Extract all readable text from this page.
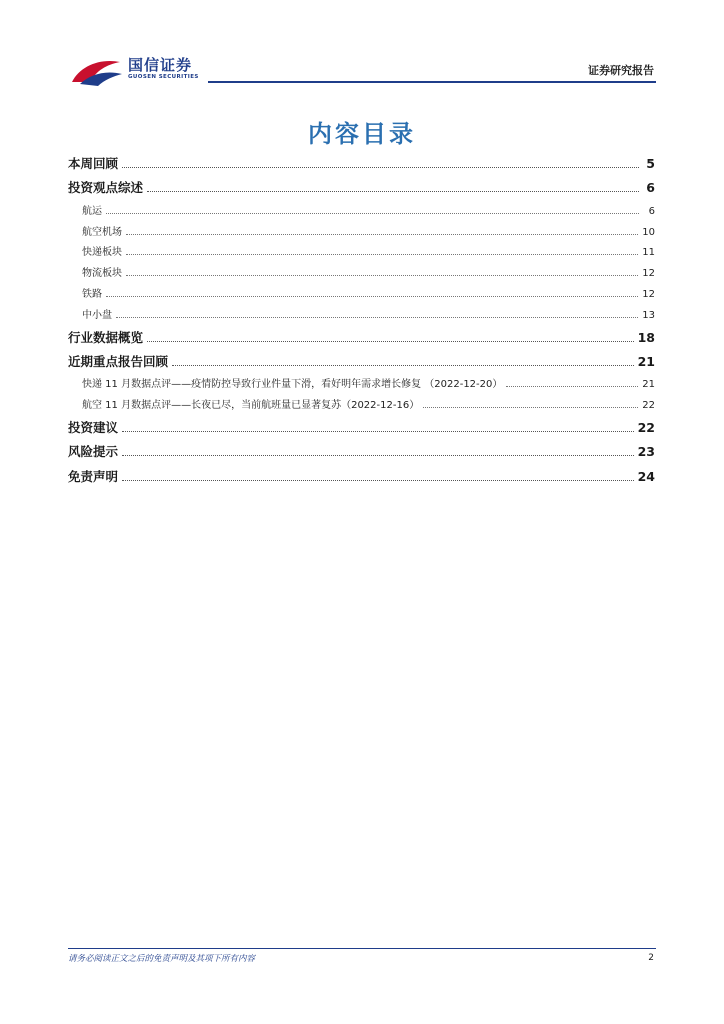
国信证券
GUOSEN SECURITIES	证券研究报告
内容目录
本周回顾	5
投资观点综述	6
航运	6
航空机场	10
快递板块	11
物流板块	12
铁路	12
中小盘	13
行业数据概览	18
近期重点报告回顾	21
快递 11 月数据点评——疫情防控导致行业件量下滑，看好明年需求增长修复 （2022-12-20）	21
航空 11 月数据点评——长夜已尽，当前航班量已显著复苏（2022-12-16）	22
投资建议	22
风险提示	23
免责声明	24
请务必阅读正文之后的免责声明及其项下所有内容	2
